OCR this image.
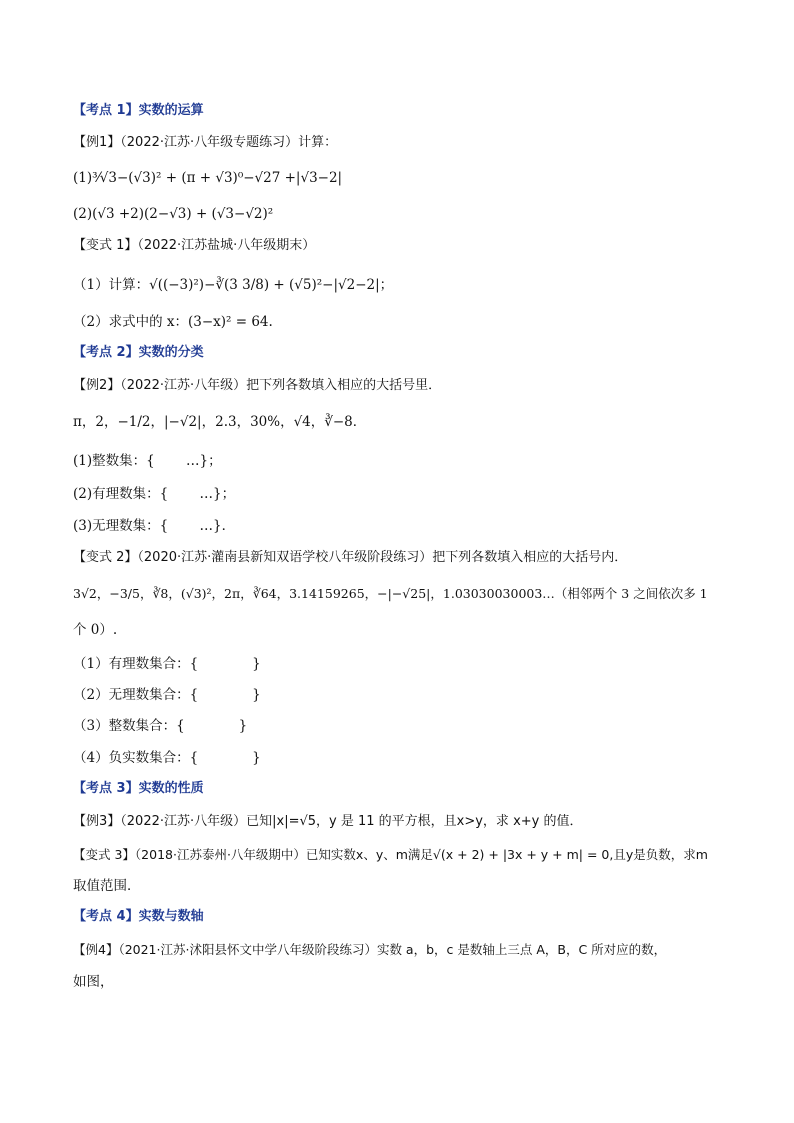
【考点 1】实数的运算
【例1】（2022·江苏·八年级专题练习）计算：
(1)³⁄√3−(√3)² + (π + √3)⁰−√27 +|√3−2|
(2)(√3 +2)(2−√3) + (√3−√2)²
【变式 1】（2022·江苏盐城·八年级期末）
（1）计算：√((−3)²)−∛(3 3/8) + (√5)²−|√2−2|；
（2）求式中的 x：(3−x)² = 64.
【考点 2】实数的分类
【例2】（2022·江苏·八年级）把下列各数填入相应的大括号里．
π，2，−1/2，|−√2|，2.3，30%，√4，∛−8．
(1)整数集：{　　 …}；
(2)有理数集：{　　 …}；
(3)无理数集：{　　 …}．
【变式 2】（2020·江苏·灌南县新知双语学校八年级阶段练习）把下列各数填入相应的大括号内．
3√2，−3/5，∛8，(√3)²，2π，∛64，3.14159265，−|−√25|，1.03030030003…（相邻两个 3 之间依次多 1
个 0）.
（1）有理数集合：{　　　　}
（2）无理数集合：{　　　　}
（3）整数集合：{　　　　}
（4）负实数集合：{　　　　}
【考点 3】实数的性质
【例3】（2022·江苏·八年级）已知|x|=√5，y 是 11 的平方根，且x>y，求 x+y 的值．
【变式 3】（2018·江苏泰州·八年级期中）已知实数x、y、m满足√(x + 2) + |3x + y + m| = 0,且y是负数，求m
取值范围．
【考点 4】实数与数轴
【例4】（2021·江苏·沭阳县怀文中学八年级阶段练习）实数 a，b，c 是数轴上三点 A，B，C 所对应的数，
如图，
